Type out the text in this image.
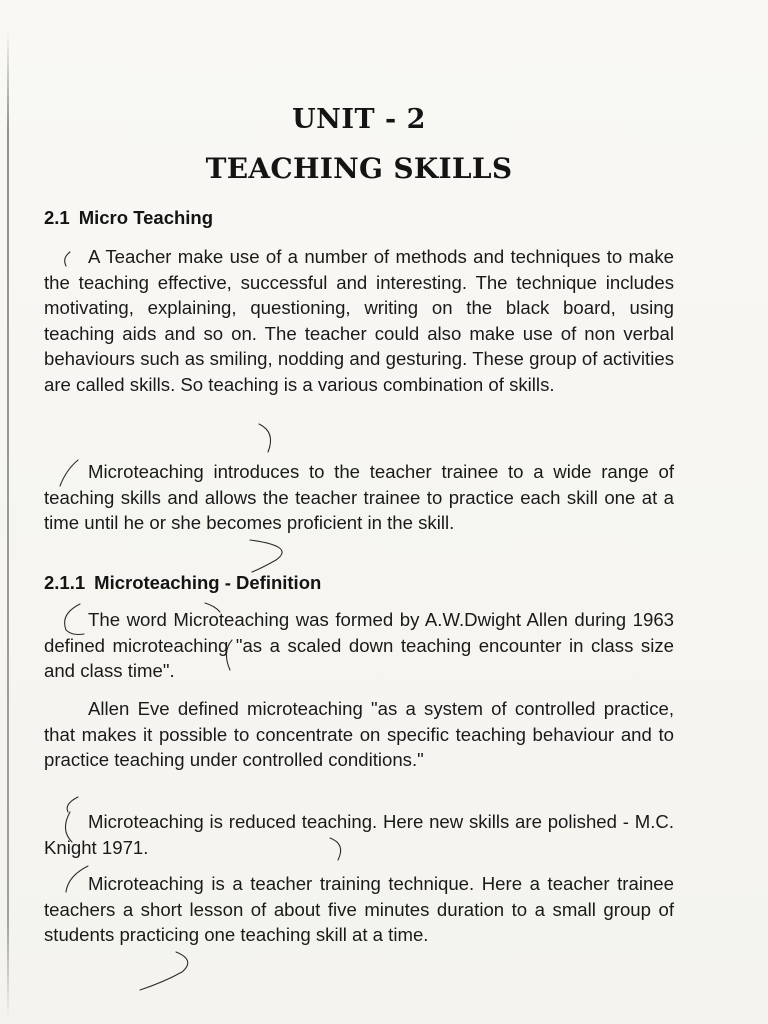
UNIT - 2
TEACHING SKILLS
2.1 Micro Teaching

A Teacher make use of a number of methods and techniques to make the teaching effective, successful and interesting. The technique includes motivating, explaining, questioning, writing on the black board, using teaching aids and so on. The teacher could also make use of non verbal behaviours such as smiling, nodding and gesturing. These group of activities are called skills. So teaching is a various combination of skills.

Microteaching introduces to the teacher trainee to a wide range of teaching skills and allows the teacher trainee to practice each skill one at a time until he or she becomes proficient in the skill.

2.1.1 Microteaching - Definition

The word Microteaching was formed by A.W.Dwight Allen during 1963 defined microteaching "as a scaled down teaching encounter in class size and class time".

Allen Eve defined microteaching "as a system of controlled practice, that makes it possible to concentrate on specific teaching behaviour and to practice teaching under controlled conditions."

Microteaching is reduced teaching. Here new skills are polished - M.C. Knight 1971.

Microteaching is a teacher training technique. Here a teacher trainee teachers a short lesson of about five minutes duration to a small group of students practicing one teaching skill at a time.
